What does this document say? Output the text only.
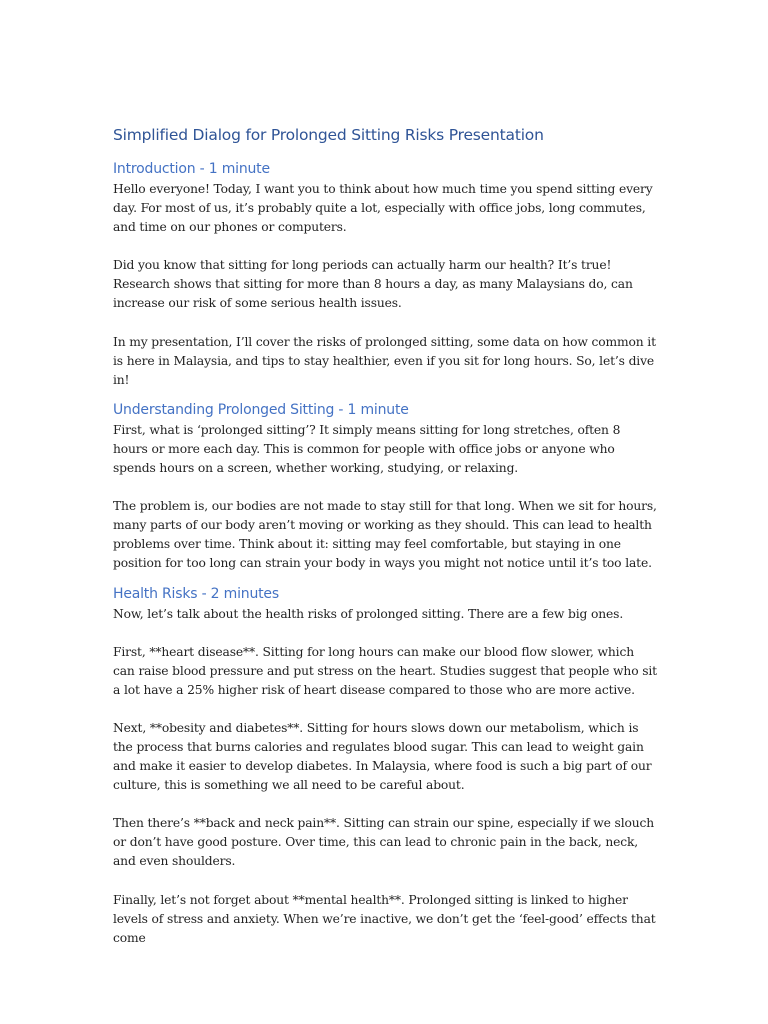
Simplified Dialog for Prolonged Sitting Risks Presentation
Introduction - 1 minute

Hello everyone! Today, I want you to think about how much time you spend sitting every day. For most of us, it’s probably quite a lot, especially with office jobs, long commutes, and time on our phones or computers.

Did you know that sitting for long periods can actually harm our health? It’s true! Research shows that sitting for more than 8 hours a day, as many Malaysians do, can increase our risk of some serious health issues.

In my presentation, I’ll cover the risks of prolonged sitting, some data on how common it is here in Malaysia, and tips to stay healthier, even if you sit for long hours. So, let’s dive in!

Understanding Prolonged Sitting - 1 minute

First, what is ‘prolonged sitting’? It simply means sitting for long stretches, often 8 hours or more each day. This is common for people with office jobs or anyone who spends hours on a screen, whether working, studying, or relaxing.

The problem is, our bodies are not made to stay still for that long. When we sit for hours, many parts of our body aren’t moving or working as they should. This can lead to health problems over time. Think about it: sitting may feel comfortable, but staying in one position for too long can strain your body in ways you might not notice until it’s too late.

Health Risks - 2 minutes

Now, let’s talk about the health risks of prolonged sitting. There are a few big ones.

First, **heart disease**. Sitting for long hours can make our blood flow slower, which can raise blood pressure and put stress on the heart. Studies suggest that people who sit a lot have a 25% higher risk of heart disease compared to those who are more active.

Next, **obesity and diabetes**. Sitting for hours slows down our metabolism, which is the process that burns calories and regulates blood sugar. This can lead to weight gain and make it easier to develop diabetes. In Malaysia, where food is such a big part of our culture, this is something we all need to be careful about.

Then there’s **back and neck pain**. Sitting can strain our spine, especially if we slouch or don’t have good posture. Over time, this can lead to chronic pain in the back, neck, and even shoulders.

Finally, let’s not forget about **mental health**. Prolonged sitting is linked to higher levels of stress and anxiety. When we’re inactive, we don’t get the ‘feel-good’ effects that come
